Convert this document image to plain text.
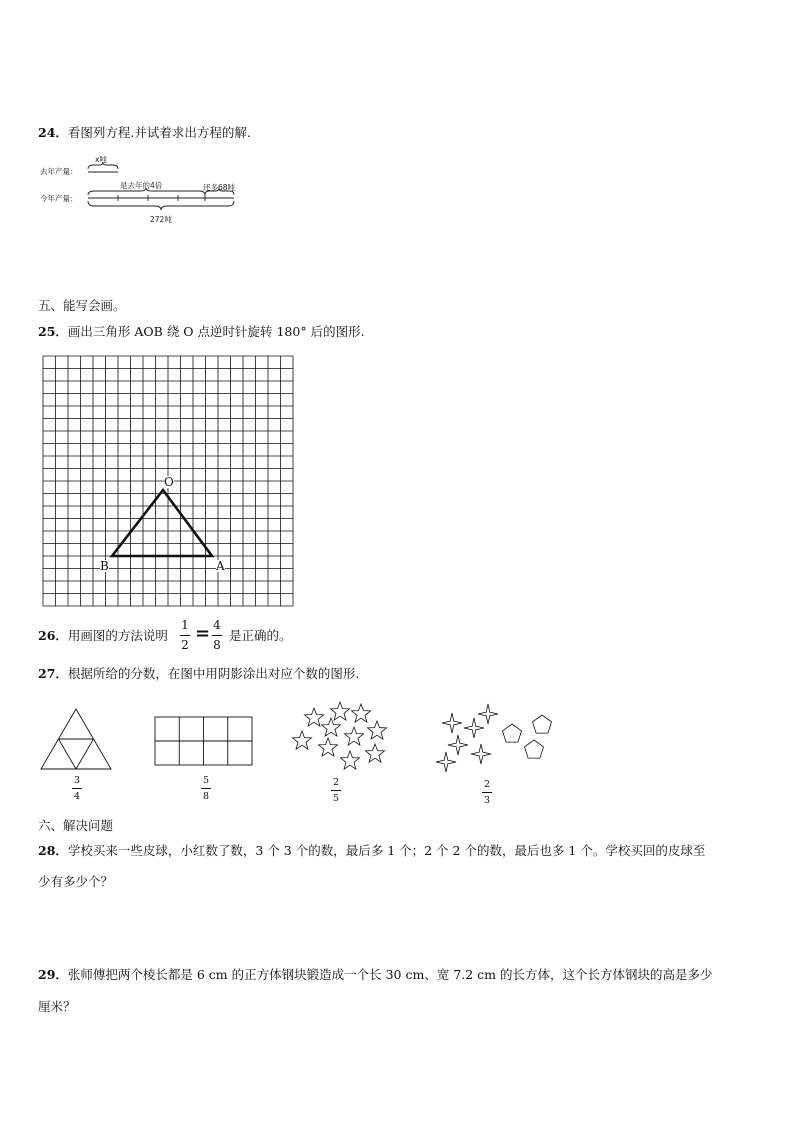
24．看图列方程.并试着求出方程的解.
去年产量：
今年产量：
x吨
是去年的4倍	还多68吨
272吨
五、能写会画。
25．画出三角形 AOB 绕 O 点逆时针旋转 180° 后的图形.
O
B	A
26．用画图的方法说明
1
2
= 4
8
是正确的。
27．根据所给的分数，在图中用阴影涂出对应个数的图形.
3
4
5
8
2
5
2
3
六、解决问题
28．学校买来一些皮球，小红数了数，3 个 3 个的数，最后多 1 个；2 个 2 个的数，最后也多 1 个。学校买回的皮球至
少有多少个？
29．张师傅把两个棱长都是 6 cm 的正方体钢块锻造成一个长 30 cm、宽 7.2 cm 的长方体，这个长方体钢块的高是多少
厘米？
